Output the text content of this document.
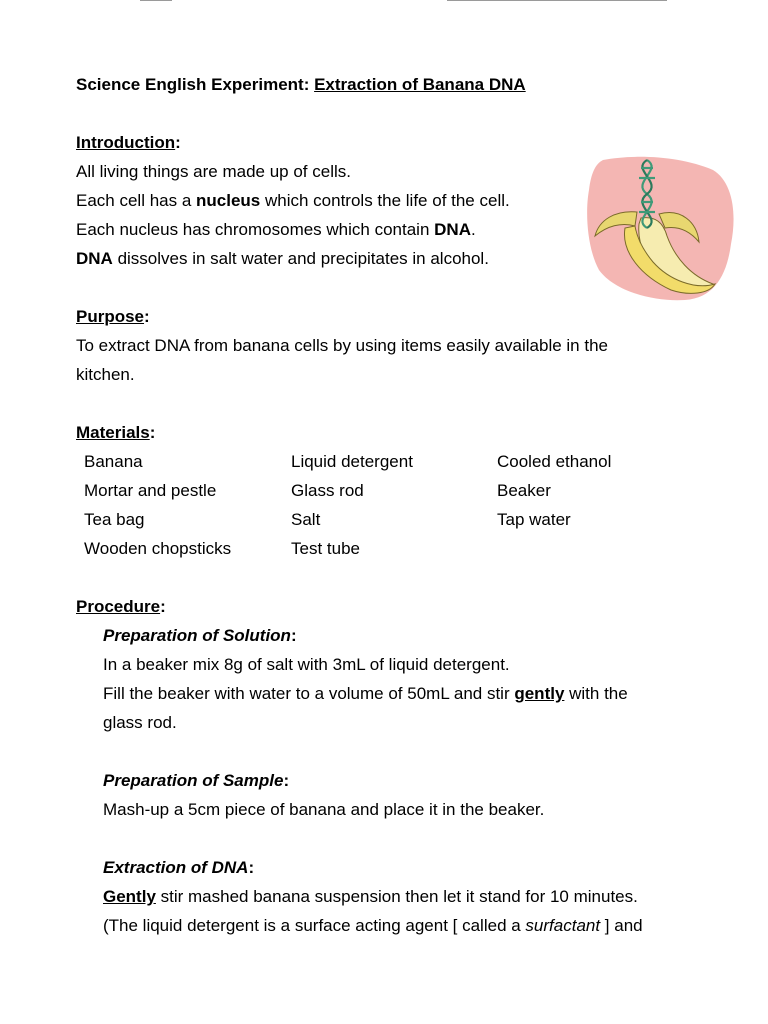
Science English Experiment: Extraction of Banana DNA
Introduction:
All living things are made up of cells.
Each cell has a nucleus which controls the life of the cell.
Each nucleus has chromosomes which contain DNA.
DNA dissolves in salt water and precipitates in alcohol.
Purpose:
To extract DNA from banana cells by using items easily available in the
kitchen.
Materials:
Banana	Liquid detergent	Cooled ethanol
Mortar and pestle	Glass rod	Beaker
Tea bag	Salt	Tap water
Wooden chopsticks	Test tube
Procedure:
Preparation of Solution:
In a beaker mix 8g of salt with 3mL of liquid detergent.
Fill the beaker with water to a volume of 50mL and stir gently with the
glass rod.
Preparation of Sample:
Mash-up a 5cm piece of banana and place it in the beaker.
Extraction of DNA:
Gently stir mashed banana suspension then let it stand for 10 minutes.
(The liquid detergent is a surface acting agent [ called a surfactant ] and
